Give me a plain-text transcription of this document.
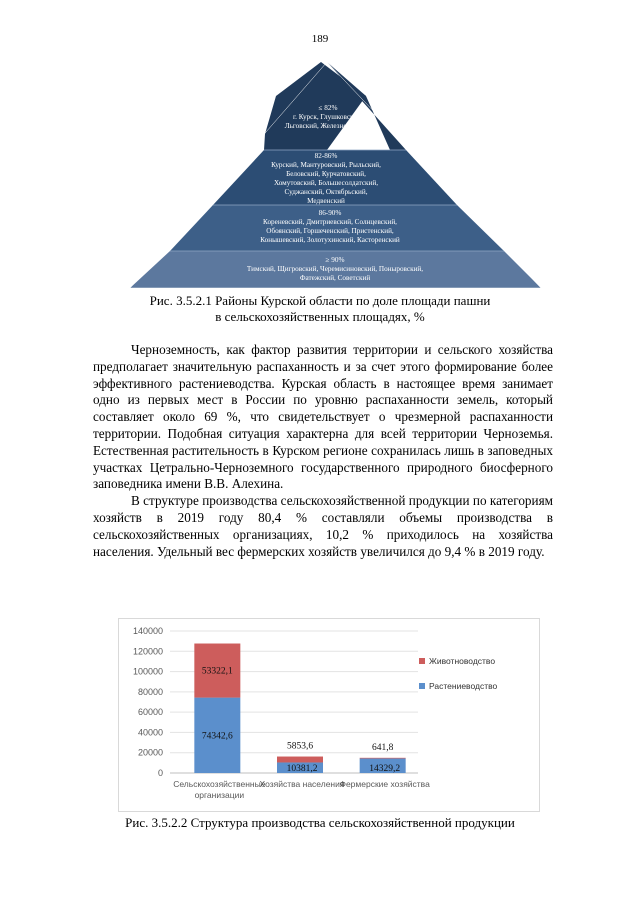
189
≤ 82%
г. Курск, Глушковский,
Льговский, Железногорский
82-86%
Курский, Мантуровский, Рыльский,
Беловский, Курчатовский,
Хомутовский, Большесолдатский,
Суджанский, Октябрьский,
Медвенский
86-90%
Кореневский, Дмитриевский, Солнцевский,
Обоянский, Горшеченский, Пристенский,
Конышевский, Золотухинский, Касторенский
≥ 90%
Тимский, Щигровский, Черемисиновский, Поныровский,
Фатежский, Советский
Рис. 3.5.2.1 Районы Курской области по доле площади пашни
в сельскохозяйственных площадях, %

Черноземность, как фактор развития территории и сельского хозяйства предполагает значительную распаханность и за счет этого формирование более эффективного растениеводства. Курская область в настоящее время занимает одно из первых мест в России по уровню распаханности земель, который составляет около 69 %, что свидетельствует о чрезмерной распаханности территории. Подобная ситуация характерна для всей территории Черноземья. Естественная растительность в Курском регионе сохранилась лишь в заповедных участках Цетрально-Черноземного государственного природного биосферного заповедника имени В.В. Алехина.

В структуре производства сельскохозяйственной продукции по категориям хозяйств в 2019 году 80,4 % составляли объемы производства в сельскохозяйственных организациях, 10,2 % приходилось на хозяйства населения. Удельный вес фермерских хозяйств увеличился до 9,4 % в 2019 году.

0
20000
40000
60000
80000
100000
120000
140000
74342,6
53322,1
Сельскохозяйственные
организации
10381,2
5853,6
Хозяйства населения
14329,2
641,8
Фермерские хозяйства
Животноводство
Растениеводство
Рис. 3.5.2.2 Структура производства сельскохозяйственной продукции
